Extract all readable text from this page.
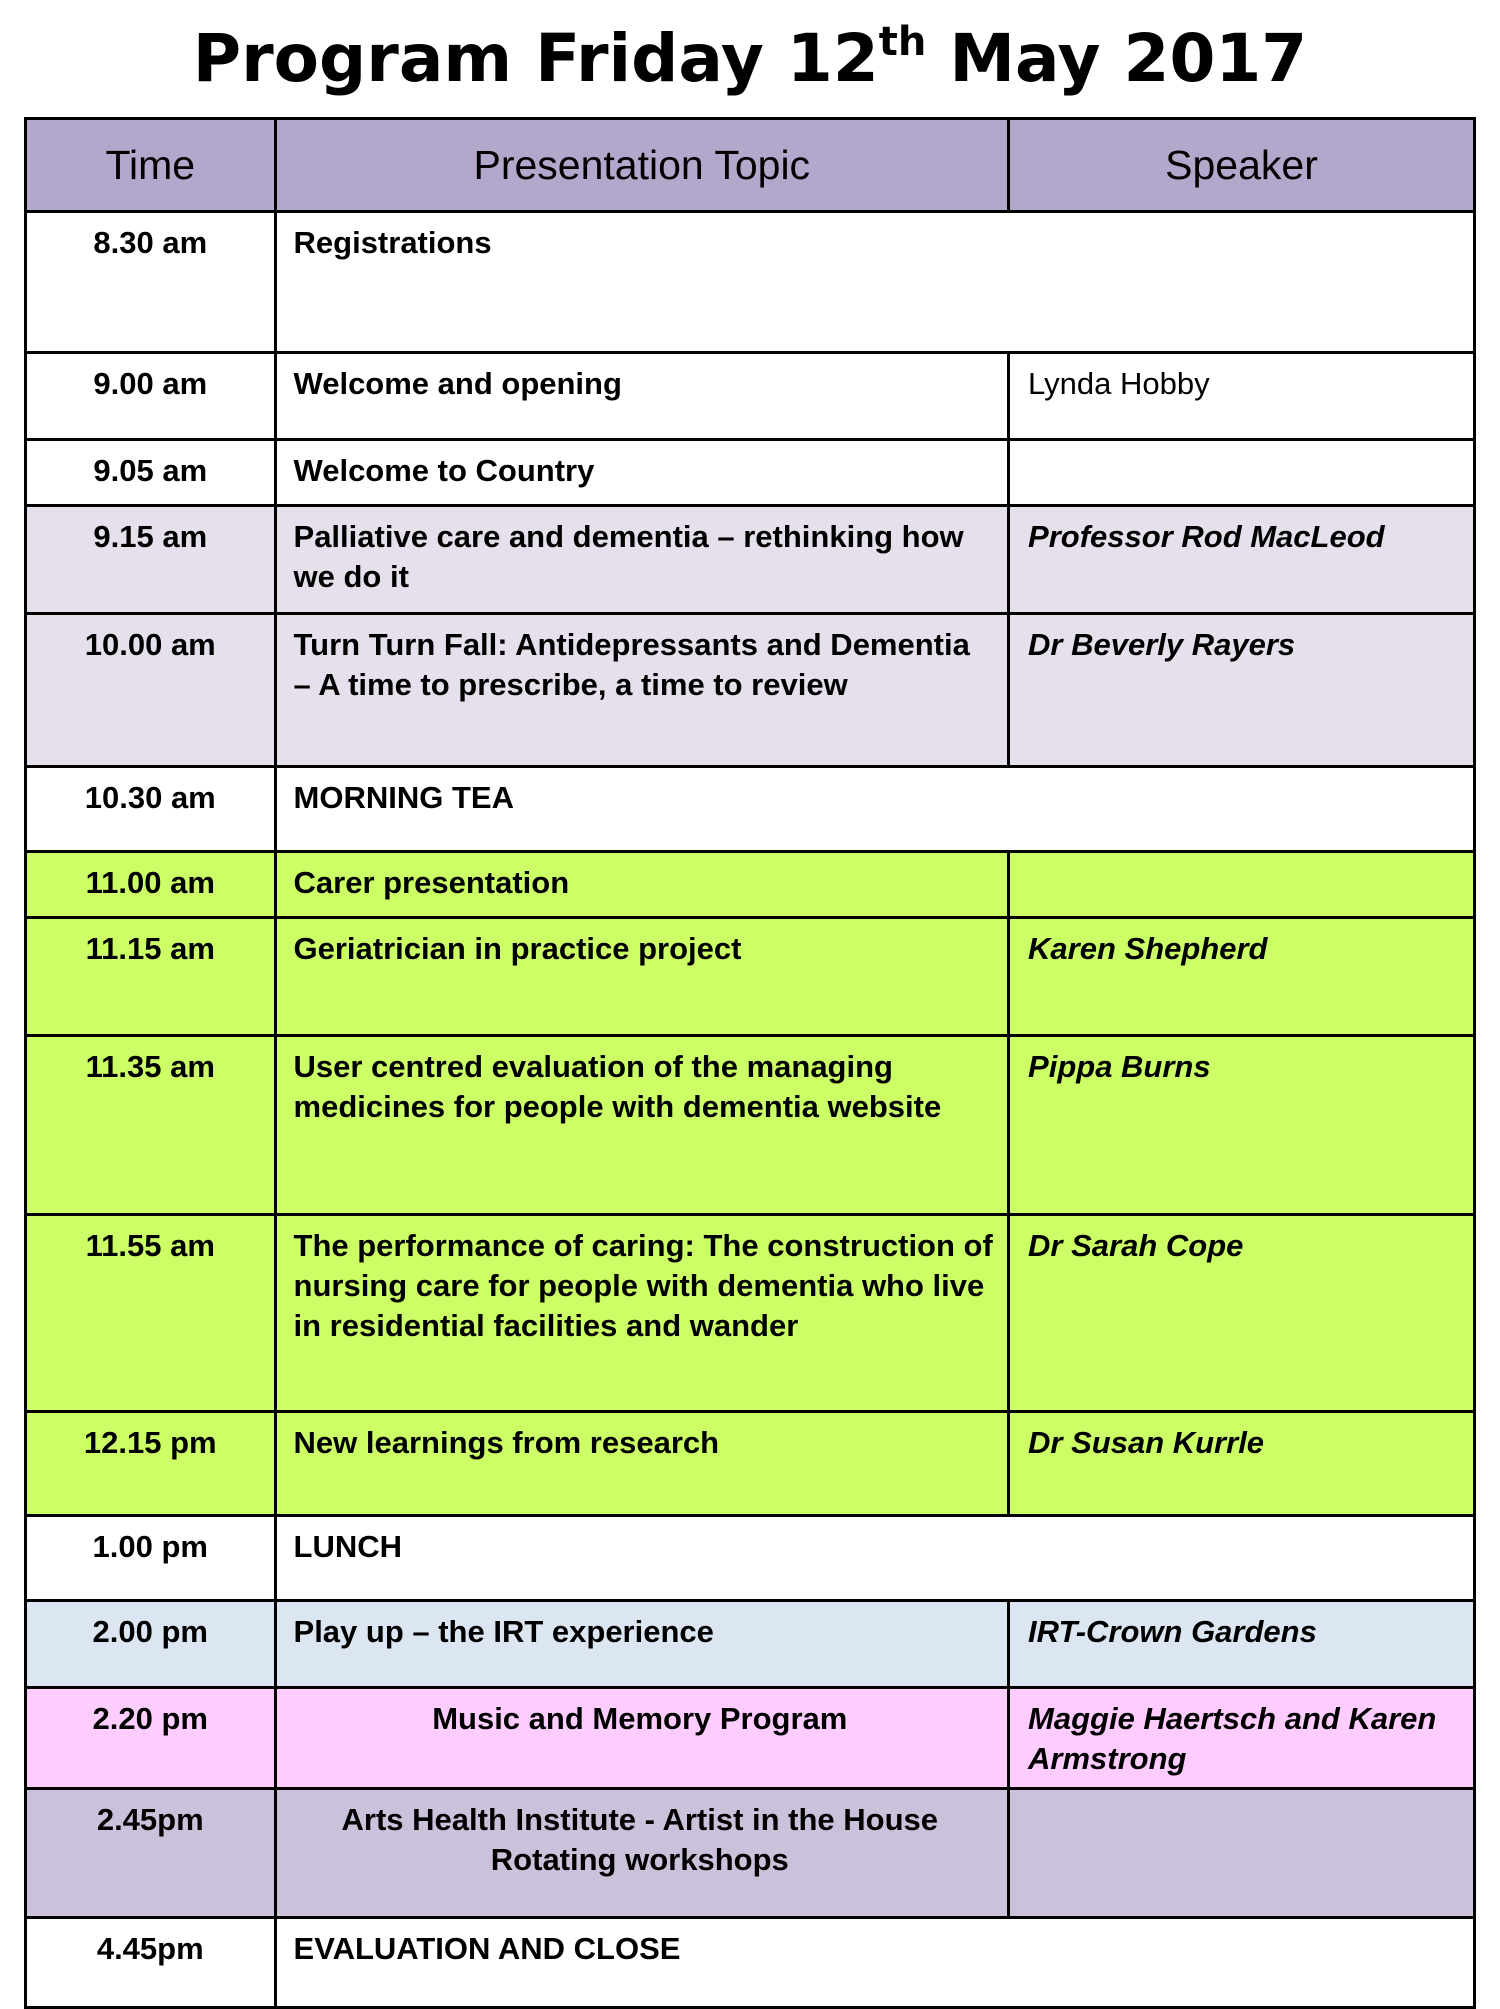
Program Friday 12th May 2017
Time	Presentation Topic	Speaker
8.30 am	Registrations	
9.00 am	Welcome and opening	Lynda Hobby
9.05 am	Welcome to Country	
9.15 am	Palliative care and dementia – rethinking how we do it	Professor Rod MacLeod
10.00 am	Turn Turn Fall: Antidepressants and Dementia – A time to prescribe, a time to review	Dr Beverly Rayers
10.30 am	MORNING TEA	
11.00 am	Carer presentation	
11.15 am	Geriatrician in practice project	Karen Shepherd
11.35 am	User centred evaluation of the managing medicines for people with dementia website	Pippa Burns
11.55 am	The performance of caring: The construction of nursing care for people with dementia who live in residential facilities and wander	Dr Sarah Cope
12.15 pm	New learnings from research	Dr Susan Kurrle
1.00 pm	LUNCH	
2.00 pm	Play up – the IRT experience	IRT-Crown Gardens
2.20 pm	Music and Memory Program	Maggie Haertsch and Karen Armstrong
2.45pm	Arts Health Institute - Artist in the House Rotating workshops	
4.45pm	EVALUATION AND CLOSE	
